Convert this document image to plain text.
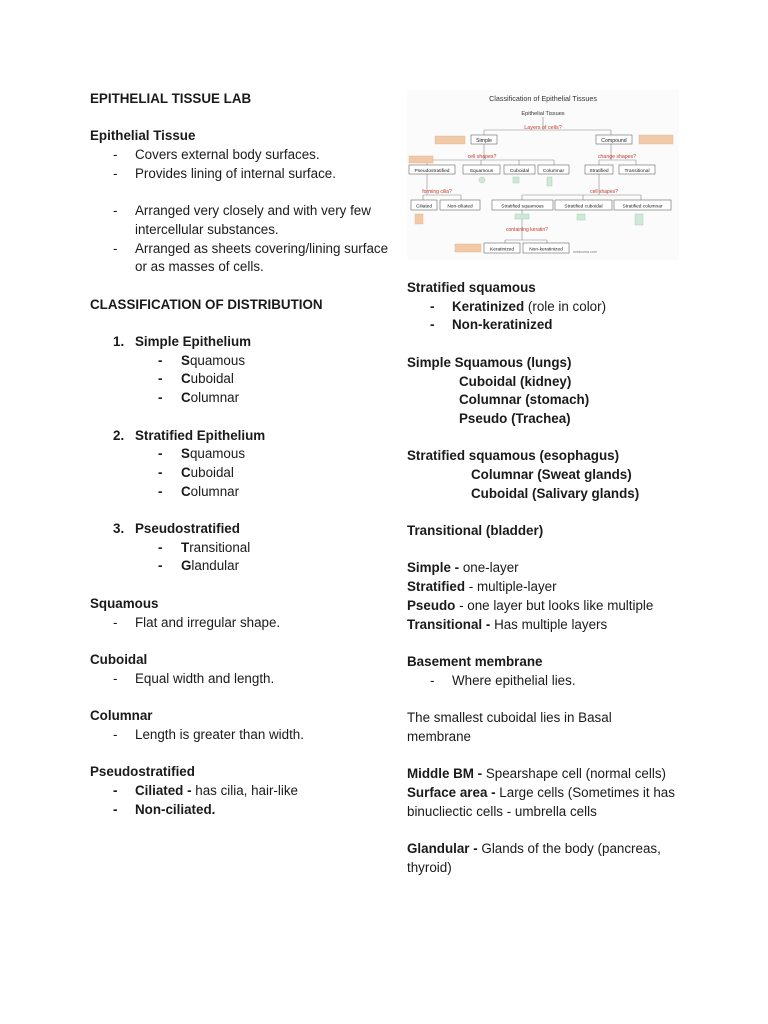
EPITHELIAL TISSUE LAB
Epithelial Tissue
-	Covers external body surfaces.
-	Provides lining of internal surface.
-	Arranged very closely and with very few intercellular substances.
-	Arranged as sheets covering/lining surface or as masses of cells.
CLASSIFICATION OF DISTRIBUTION
1. Simple Epithelium
-	Squamous
-	Cuboidal
-	Columnar
2. Stratified Epithelium
-	Squamous
-	Cuboidal
-	Columnar
3. Pseudostratified
-	Transitional
-	Glandular
Squamous
-	Flat and irregular shape.
Cuboidal
-	Equal width and length.
Columnar
-	Length is greater than width.
Pseudostratified
-	Ciliated - has cilia, hair-like
-	Non-ciliated.
Classification of Epithelial Tissues
Epithelial Tissues
Layers of cells?
Simple	Compound
cell shapes?	change shapes?
Pseudostratified	Squamous	Cuboidal	Columnar	Stratified	Transitional
forming cilia?	cell shapes?
Ciliated	Non-ciliated	Stratified squamous	Stratified cuboidal	Stratified columnar
containing keratin?
Keratinized	Non-keratinized	medcoma.com
Stratified squamous
-	Keratinized (role in color)
-	Non-keratinized
Simple Squamous (lungs)
Cuboidal (kidney)
Columnar (stomach)
Pseudo (Trachea)
Stratified squamous (esophagus)
Columnar (Sweat glands)
Cuboidal (Salivary glands)
Transitional (bladder)
Simple - one-layer
Stratified - multiple-layer
Pseudo - one layer but looks like multiple
Transitional - Has multiple layers
Basement membrane
-	Where epithelial lies.
The smallest cuboidal lies in Basal membrane
Middle BM - Spearshape cell (normal cells)
Surface area - Large cells (Sometimes it has binucliectic cells - umbrella cells
Glandular - Glands of the body (pancreas, thyroid)
